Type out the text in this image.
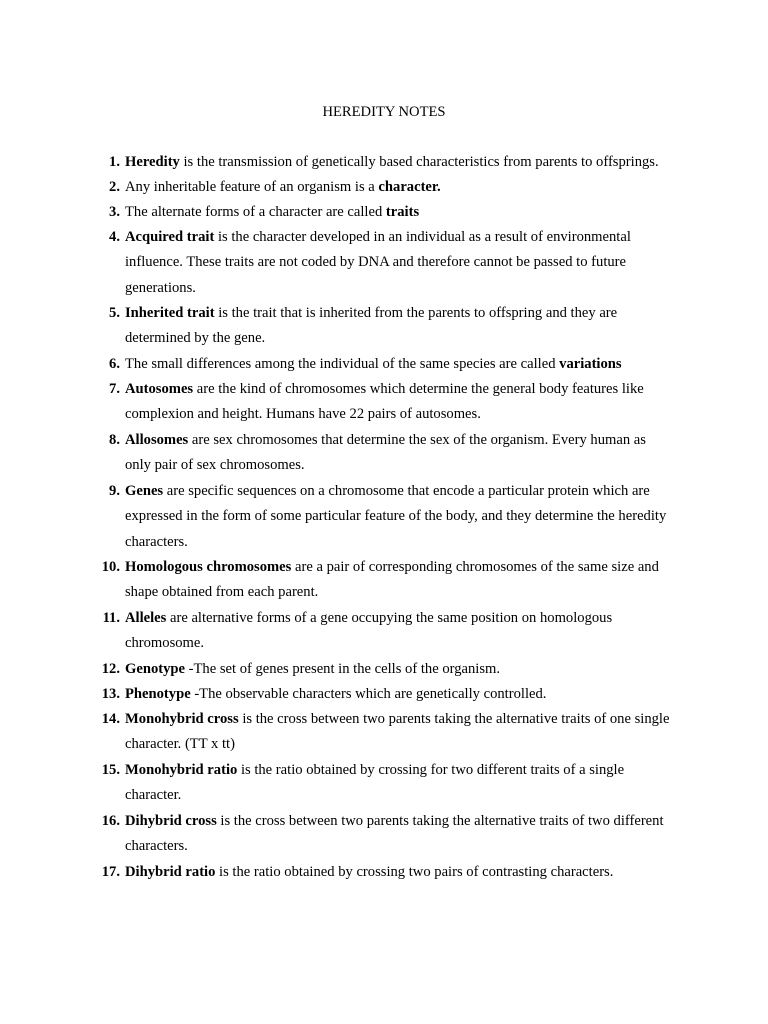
HEREDITY NOTES
1. Heredity is the transmission of genetically based characteristics from parents to offsprings.
2. Any inheritable feature of an organism is a character.
3. The alternate forms of a character are called traits
4. Acquired trait is the character developed in an individual as a result of environmental influence. These traits are not coded by DNA and therefore cannot be passed to future generations.
5. Inherited trait is the trait that is inherited from the parents to offspring and they are determined by the gene.
6. The small differences among the individual of the same species are called variations
7. Autosomes are the kind of chromosomes which determine the general body features like complexion and height. Humans have 22 pairs of autosomes.
8. Allosomes are sex chromosomes that determine the sex of the organism. Every human as only pair of sex chromosomes.
9. Genes are specific sequences on a chromosome that encode a particular protein which are expressed in the form of some particular feature of the body, and they determine the heredity characters.
10. Homologous chromosomes are a pair of corresponding chromosomes of the same size and shape obtained from each parent.
11. Alleles are alternative forms of a gene occupying the same position on homologous chromosome.
12. Genotype -The set of genes present in the cells of the organism.
13. Phenotype -The observable characters which are genetically controlled.
14. Monohybrid cross is the cross between two parents taking the alternative traits of one single character. (TT x tt)
15. Monohybrid ratio is the ratio obtained by crossing for two different traits of a single character.
16. Dihybrid cross is the cross between two parents taking the alternative traits of two different characters.
17. Dihybrid ratio is the ratio obtained by crossing two pairs of contrasting characters.
